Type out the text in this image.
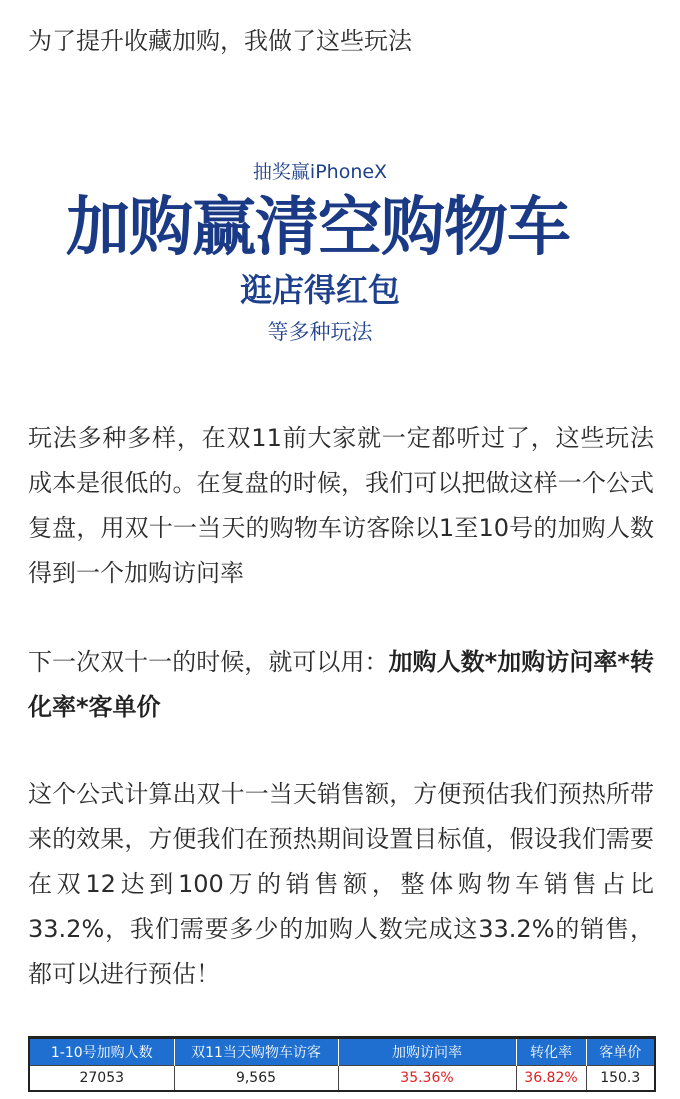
为了提升收藏加购，我做了这些玩法

抽奖赢iPhoneX
加购赢清空购物车
逛店得红包
等多种玩法

玩法多种多样，在双11前大家就一定都听过了，这些玩法成本是很低的。在复盘的时候，我们可以把做这样一个公式复盘，用双十一当天的购物车访客除以1至10号的加购人数得到一个加购访问率

下一次双十一的时候，就可以用：加购人数*加购访问率*转化率*客单价

这个公式计算出双十一当天销售额，方便预估我们预热所带来的效果，方便我们在预热期间设置目标值，假设我们需要在双12达到100万的销售额，整体购物车销售占比33.2%，我们需要多少的加购人数完成这33.2%的销售，都可以进行预估！

1-10号加购人数	双11当天购物车访客	加购访问率	转化率	客单价
27053	9,565	35.36%	36.82%	150.3
